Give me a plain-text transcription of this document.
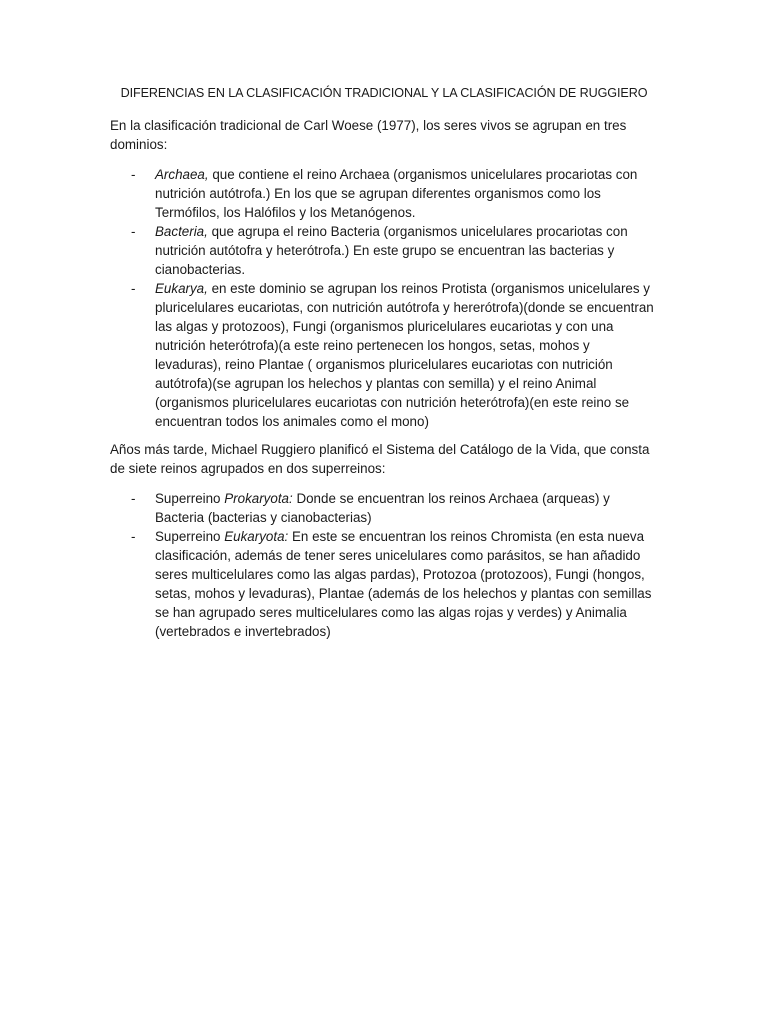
DIFERENCIAS EN LA CLASIFICACIÓN TRADICIONAL Y LA CLASIFICACIÓN DE RUGGIERO

En la clasificación tradicional de Carl Woese (1977), los seres vivos se agrupan en tres dominios:

- Archaea, que contiene el reino Archaea (organismos unicelulares procariotas con nutrición autótrofa.) En los que se agrupan diferentes organismos como los Termófilos, los Halófilos y los Metanógenos.
- Bacteria, que agrupa el reino Bacteria (organismos unicelulares procariotas con nutrición autótofra y heterótrofa.) En este grupo se encuentran las bacterias y cianobacterias.
- Eukarya, en este dominio se agrupan los reinos Protista (organismos unicelulares y pluricelulares eucariotas, con nutrición autótrofa y hererótrofa)(donde se encuentran las algas y protozoos), Fungi (organismos pluricelulares eucariotas y con una nutrición heterótrofa)(a este reino pertenecen los hongos, setas, mohos y levaduras), reino Plantae ( organismos pluricelulares eucariotas con nutrición autótrofa)(se agrupan los helechos y plantas con semilla) y el reino Animal (organismos pluricelulares eucariotas con nutrición heterótrofa)(en este reino se encuentran todos los animales como el mono)

Años más tarde, Michael Ruggiero planificó el Sistema del Catálogo de la Vida, que consta de siete reinos agrupados en dos superreinos:

- Superreino Prokaryota: Donde se encuentran los reinos Archaea (arqueas) y Bacteria (bacterias y cianobacterias)
- Superreino Eukaryota: En este se encuentran los reinos Chromista (en esta nueva clasificación, además de tener seres unicelulares como parásitos, se han añadido seres multicelulares como las algas pardas), Protozoa (protozoos), Fungi (hongos, setas, mohos y levaduras), Plantae (además de los helechos y plantas con semillas se han agrupado seres multicelulares como las algas rojas y verdes) y Animalia (vertebrados e invertebrados)
